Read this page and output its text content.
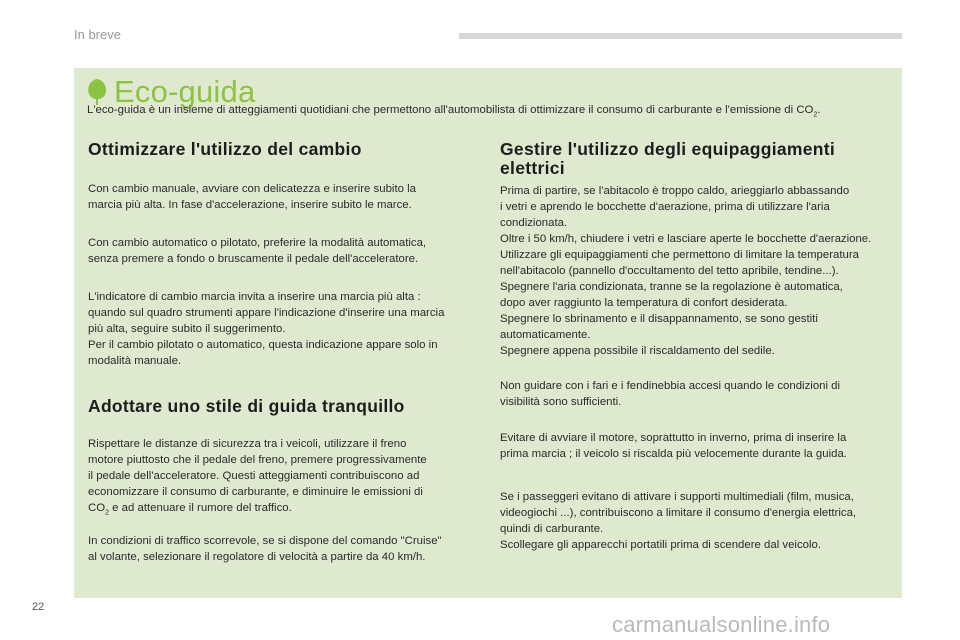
In breve
Eco-guida
L'eco-guida è un insieme di atteggiamenti quotidiani che permettono all'automobilista di ottimizzare il consumo di carburante e l'emissione di $CO_2$.
Ottimizzare l'utilizzo del cambio

Con cambio manuale, avviare con delicatezza e inserire subito la
marcia più alta. In fase d'accelerazione, inserire subito le marce.

Con cambio automatico o pilotato, preferire la modalità automatica,
senza premere a fondo o bruscamente il pedale dell'acceleratore.

L'indicatore di cambio marcia invita a inserire una marcia più alta :
quando sul quadro strumenti appare l'indicazione d'inserire una marcia
più alta, seguire subito il suggerimento.
Per il cambio pilotato o automatico, questa indicazione appare solo in
modalità manuale.

Adottare uno stile di guida tranquillo

Rispettare le distanze di sicurezza tra i veicoli, utilizzare il freno
motore piuttosto che il pedale del freno, premere progressivamente
il pedale dell'acceleratore. Questi atteggiamenti contribuiscono ad
economizzare il consumo di carburante, e diminuire le emissioni di
$CO_2$ e ad attenuare il rumore del traffico.

In condizioni di traffico scorrevole, se si dispone del comando "Cruise"
al volante, selezionare il regolatore di velocità a partire da 40 km/h.

Gestire l'utilizzo degli equipaggiamenti
elettrici

Prima di partire, se l'abitacolo è troppo caldo, arieggiarlo abbassando
i vetri e aprendo le bocchette d'aerazione, prima di utilizzare l'aria
condizionata.
Oltre i 50 km/h, chiudere i vetri e lasciare aperte le bocchette d'aerazione.
Utilizzare gli equipaggiamenti che permettono di limitare la temperatura
nell'abitacolo (pannello d'occultamento del tetto apribile, tendine...).
Spegnere l'aria condizionata, tranne se la regolazione è automatica,
dopo aver raggiunto la temperatura di confort desiderata.
Spegnere lo sbrinamento e il disappannamento, se sono gestiti
automaticamente.
Spegnere appena possibile il riscaldamento del sedile.

Non guidare con i fari e i fendinebbia accesi quando le condizioni di
visibilità sono sufficienti.

Evitare di avviare il motore, soprattutto in inverno, prima di inserire la
prima marcia ; il veicolo si riscalda più velocemente durante la guida.

Se i passeggeri evitano di attivare i supporti multimediali (film, musica,
videogiochi ...), contribuiscono a limitare il consumo d'energia elettrica,
quindi di carburante.
Scollegare gli apparecchi portatili prima di scendere dal veicolo.

22
carmanualsonline.info
